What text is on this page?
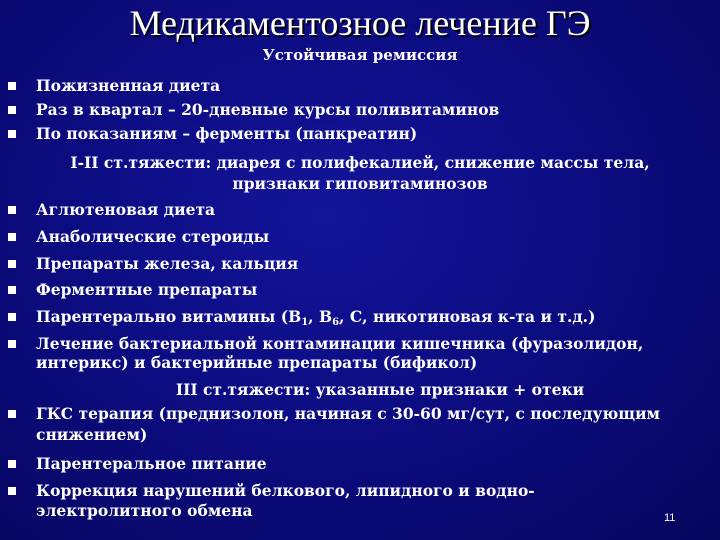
Медикаментозное лечение ГЭ
Устойчивая ремиссия
Пожизненная диета
Раз в квартал – 20-дневные курсы поливитаминов
По показаниям – ферменты (панкреатин)
I-II ст.тяжести: диарея с полифекалией, снижение массы тела,
признаки гиповитаминозов
Аглютеновая диета
Анаболические стероиды
Препараты железа, кальция
Ферментные препараты
Парентерально витамины ($В_1$, $В_6$, С, никотиновая к-та и т.д.)
Лечение бактериальной контаминации кишечника (фуразолидон,
интерикс) и бактерийные препараты (бификол)
III ст.тяжести: указанные признаки + отеки
ГКС терапия (преднизолон, начиная с 30-60 мг/сут, с последующим
снижением)
Парентеральное питание
Коррекция нарушений белкового, липидного и водно-
электролитного обмена	11
